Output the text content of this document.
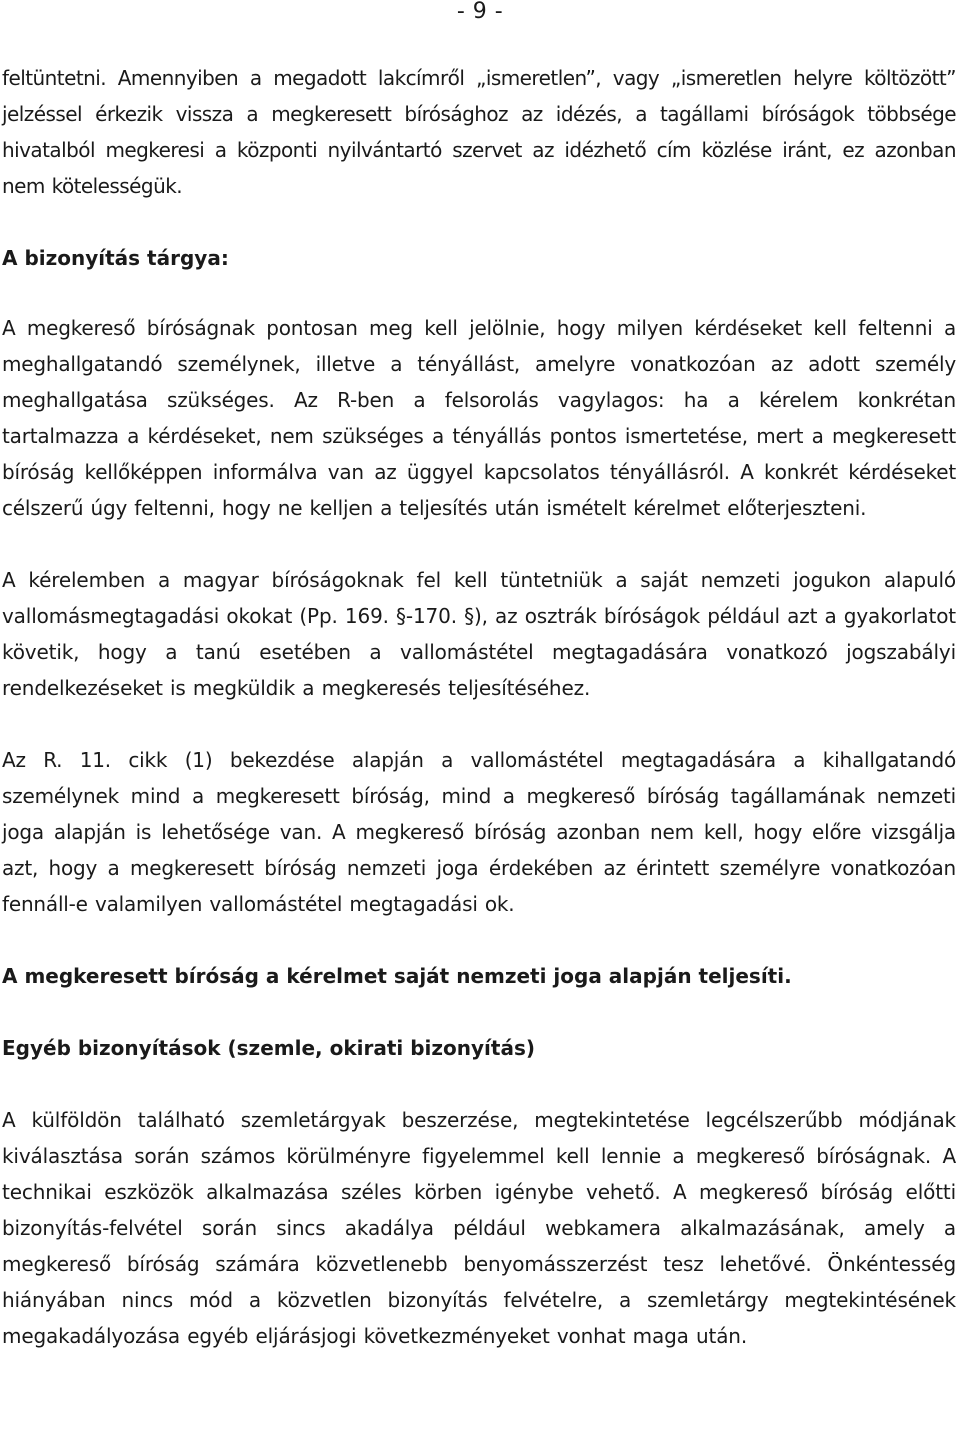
- 9 -

feltüntetni. Amennyiben a megadott lakcímről „ismeretlen”, vagy „ismeretlen helyre költözött” jelzéssel érkezik vissza a megkeresett bírósághoz az idézés, a tagállami bíróságok többsége hivatalból megkeresi a központi nyilvántartó szervet az idézhető cím közlése iránt, ez azonban nem kötelességük.

A bizonyítás tárgya:

A megkereső bíróságnak pontosan meg kell jelölnie, hogy milyen kérdéseket kell feltenni a meghallgatandó személynek, illetve a tényállást, amelyre vonatkozóan az adott személy meghallgatása szükséges. Az R-ben a felsorolás vagylagos: ha a kérelem konkrétan tartalmazza a kérdéseket, nem szükséges a tényállás pontos ismertetése, mert a megkeresett bíróság kellőképpen informálva van az üggyel kapcsolatos tényállásról. A konkrét kérdéseket célszerű úgy feltenni, hogy ne kelljen a teljesítés után ismételt kérelmet előterjeszteni.

A kérelemben a magyar bíróságoknak fel kell tüntetniük a saját nemzeti jogukon alapuló vallomásmegtagadási okokat (Pp. 169. §-170. §), az osztrák bíróságok például azt a gyakorlatot követik, hogy a tanú esetében a vallomástétel megtagadására vonatkozó jogszabályi rendelkezéseket is megküldik a megkeresés teljesítéséhez.

Az R. 11. cikk (1) bekezdése alapján a vallomástétel megtagadására a kihallgatandó személynek mind a megkeresett bíróság, mind a megkereső bíróság tagállamának nemzeti joga alapján is lehetősége van. A megkereső bíróság azonban nem kell, hogy előre vizsgálja azt, hogy a megkeresett bíróság nemzeti joga érdekében az érintett személyre vonatkozóan fennáll-e valamilyen vallomástétel megtagadási ok.

A megkeresett bíróság a kérelmet saját nemzeti joga alapján teljesíti.
Egyéb bizonyítások (szemle, okirati bizonyítás)

A külföldön található szemletárgyak beszerzése, megtekintetése legcélszerűbb módjának kiválasztása során számos körülményre figyelemmel kell lennie a megkereső bíróságnak. A technikai eszközök alkalmazása széles körben igénybe vehető. A megkereső bíróság előtti bizonyítás-felvétel során sincs akadálya például webkamera alkalmazásának, amely a megkereső bíróság számára közvetlenebb benyomásszerzést tesz lehetővé. Önkéntesség hiányában nincs mód a közvetlen bizonyítás felvételre, a szemletárgy megtekintésének megakadályozása egyéb eljárásjogi következményeket vonhat maga után.
